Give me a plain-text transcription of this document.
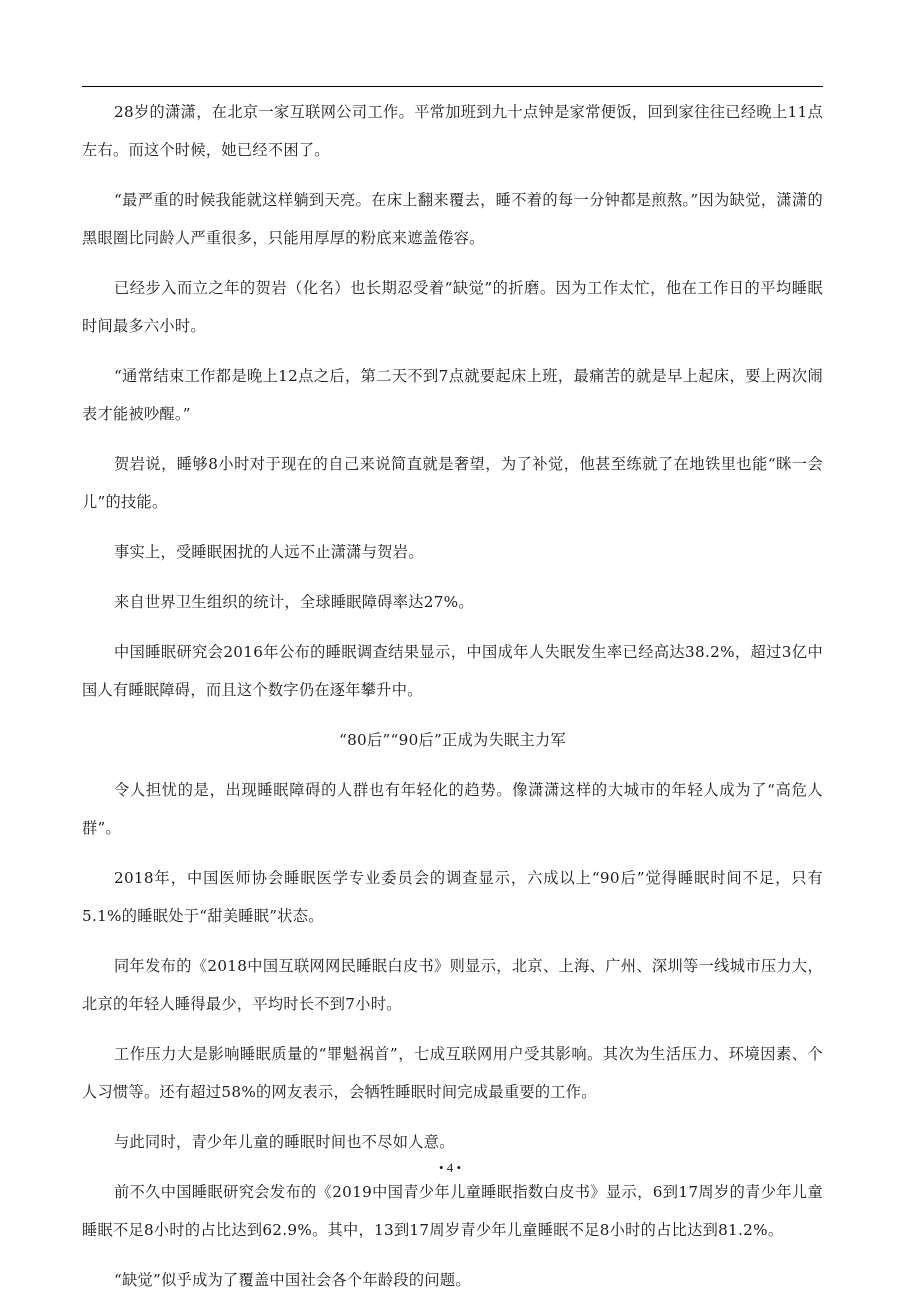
28岁的潇潇，在北京一家互联网公司工作。平常加班到九十点钟是家常便饭，回到家往往已经晚上11点左右。而这个时候，她已经不困了。

“最严重的时候我能就这样躺到天亮。在床上翻来覆去，睡不着的每一分钟都是煎熬。”因为缺觉，潇潇的黑眼圈比同龄人严重很多，只能用厚厚的粉底来遮盖倦容。

已经步入而立之年的贺岩（化名）也长期忍受着“缺觉”的折磨。因为工作太忙，他在工作日的平均睡眠时间最多六小时。

“通常结束工作都是晚上12点之后，第二天不到7点就要起床上班，最痛苦的就是早上起床，要上两次闹表才能被吵醒。”

贺岩说，睡够8小时对于现在的自己来说简直就是奢望，为了补觉，他甚至练就了在地铁里也能“眯一会儿”的技能。

事实上，受睡眠困扰的人远不止潇潇与贺岩。

来自世界卫生组织的统计，全球睡眠障碍率达27%。

中国睡眠研究会2016年公布的睡眠调查结果显示，中国成年人失眠发生率已经高达38.2%，超过3亿中国人有睡眠障碍，而且这个数字仍在逐年攀升中。

“80后”“90后”正成为失眠主力军

令人担忧的是，出现睡眠障碍的人群也有年轻化的趋势。像潇潇这样的大城市的年轻人成为了“高危人群”。

2018年，中国医师协会睡眠医学专业委员会的调查显示，六成以上“90后”觉得睡眠时间不足，只有5.1%的睡眠处于“甜美睡眠”状态。

同年发布的《2018中国互联网网民睡眠白皮书》则显示，北京、上海、广州、深圳等一线城市压力大，北京的年轻人睡得最少，平均时长不到7小时。

工作压力大是影响睡眠质量的“罪魁祸首”，七成互联网用户受其影响。其次为生活压力、环境因素、个人习惯等。还有超过58%的网友表示，会牺牲睡眠时间完成最重要的工作。

与此同时，青少年儿童的睡眠时间也不尽如人意。

前不久中国睡眠研究会发布的《2019中国青少年儿童睡眠指数白皮书》显示，6到17周岁的青少年儿童睡眠不足8小时的占比达到62.9%。其中，13到17周岁青少年儿童睡眠不足8小时的占比达到81.2%。

“缺觉”似乎成为了覆盖中国社会各个年龄段的问题。

• 4 •
